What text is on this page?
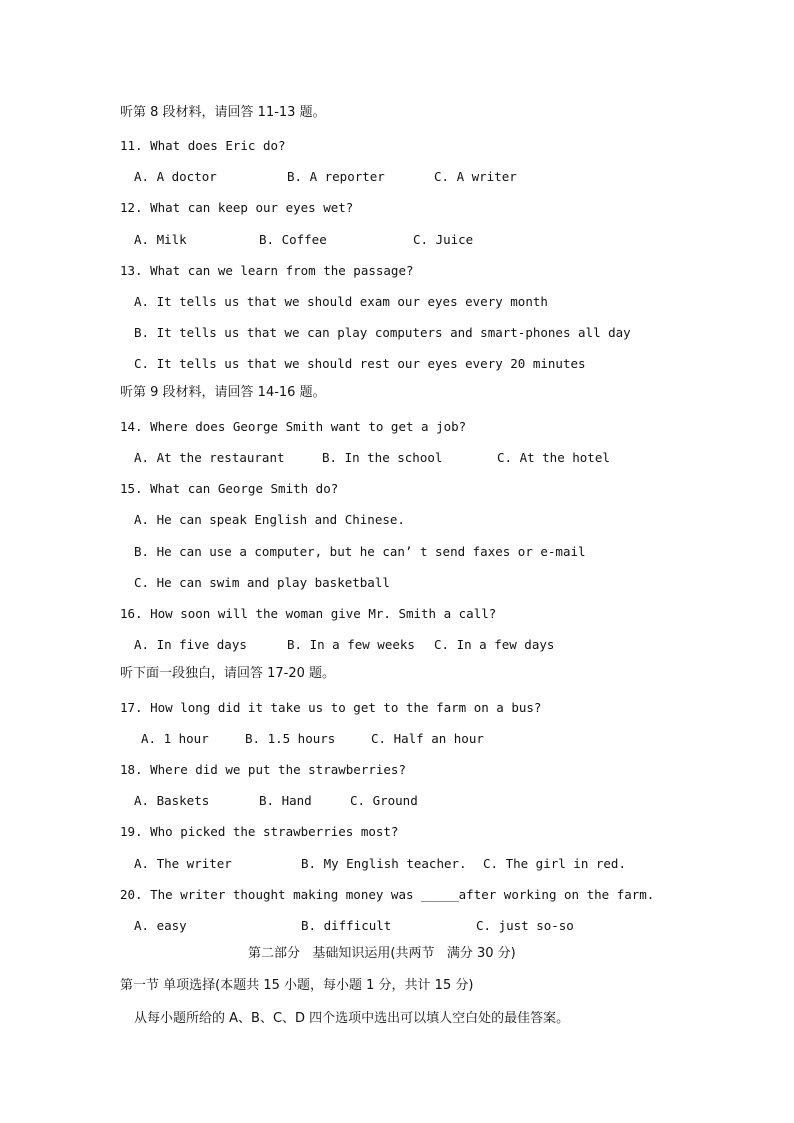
听第 8 段材料，请回答 11-13 题。
11. What does Eric do?
A. A doctor	B. A reporter	C. A writer
12. What can keep our eyes wet?
A. Milk	B. Coffee	C. Juice
13. What can we learn from the passage?
A. It tells us that we should exam our eyes every month
B. It tells us that we can play computers and smart-phones all day
C. It tells us that we should rest our eyes every 20 minutes
听第 9 段材料，请回答 14-16 题。
14. Where does George Smith want to get a job?
A. At the restaurant	B. In the school	C. At the hotel
15. What can George Smith do?
A. He can speak English and Chinese.
B. He can use a computer, but he can’ t send faxes or e-mail
C. He can swim and play basketball
16. How soon will the woman give Mr. Smith a call?
A. In five days	B. In a few weeks C. In a few days
听下面一段独白，请回答 17-20 题。
17. How long did it take us to get to the farm on a bus?
A. 1 hour	B. 1.5 hours	C. Half an hour
18. Where did we put the strawberries?
A. Baskets	B. Hand	C. Ground
19. Who picked the strawberries most?
A. The writer	B. My English teacher. C. The girl in red.
20. The writer thought making money was _____after working on the farm.
A. easy	B. difficult	C. just so-so
第二部分   基础知识运用(共两节   满分 30 分)
第一节 单项选择(本题共 15 小题，每小题 1 分，共计 15 分)
从每小题所给的 A、B、C、D 四个选项中选出可以填人空白处的最佳答案。
